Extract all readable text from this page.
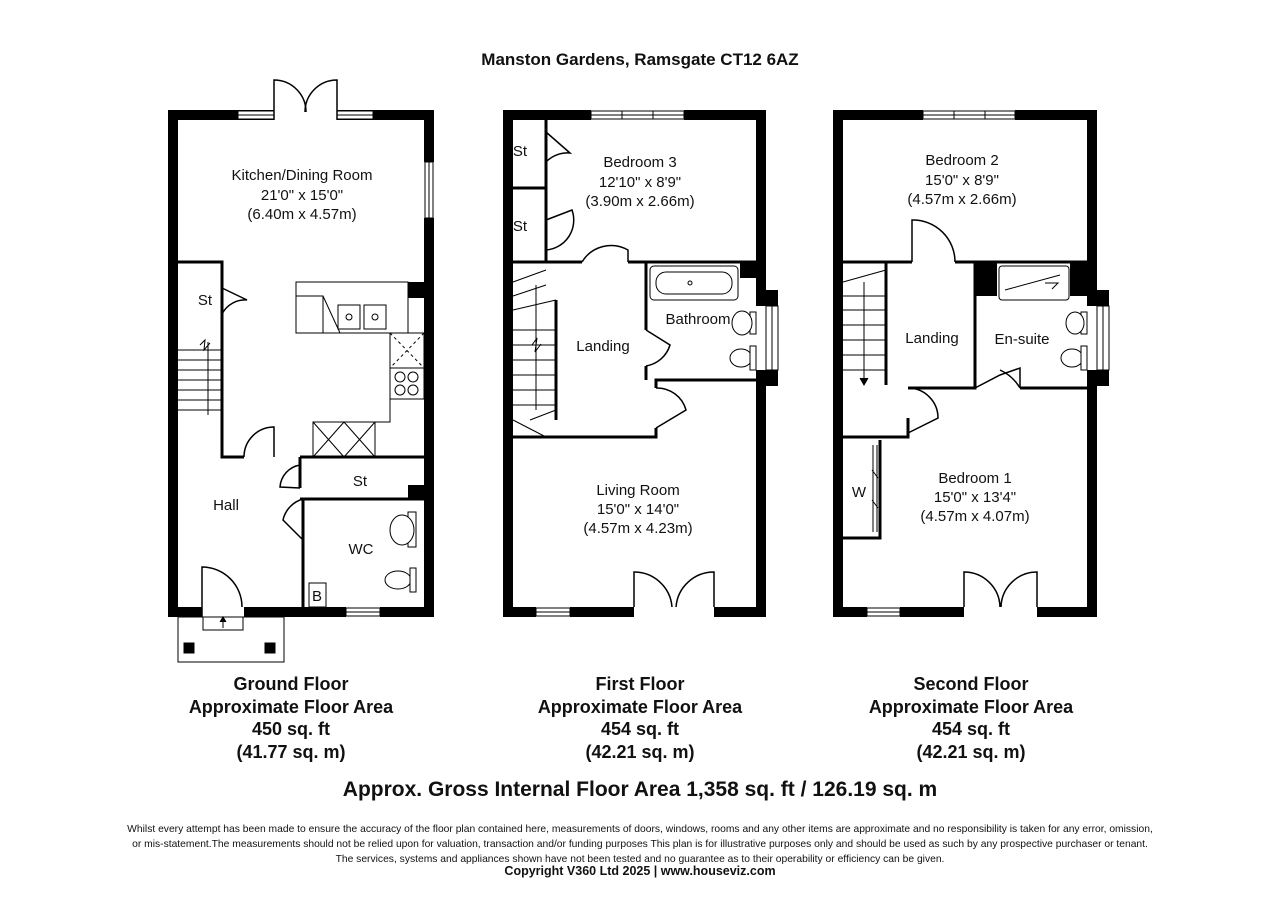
Manston Gardens, Ramsgate CT12 6AZ
Kitchen/Dining Room
21'0" x 15'0"
(6.40m x 4.57m)
St
Hall
St
WC
B
St
St
Bedroom 3
12'10" x 8'9"
(3.90m x 2.66m)
Landing
Bathroom
Living Room
15'0" x 14'0"
(4.57m x 4.23m)
Bedroom 2
15'0" x 8'9"
(4.57m x 2.66m)
Landing En-suite
W
Bedroom 1
15'0" x 13'4"
(4.57m x 4.07m)
Ground Floor
Approximate Floor Area
450 sq. ft
(41.77 sq. m)
First Floor
Approximate Floor Area
454 sq. ft
(42.21 sq. m)
Second Floor
Approximate Floor Area
454 sq. ft
(42.21 sq. m)
Approx. Gross Internal Floor Area 1,358 sq. ft / 126.19 sq. m
Whilst every attempt has been made to ensure the accuracy of the floor plan contained here, measurements of doors, windows, rooms and any other items are approximate and no responsibility is taken for any error, omission,
or mis-statement.The measurements should not be relied upon for valuation, transaction and/or funding purposes This plan is for illustrative purposes only and should be used as such by any prospective purchaser or tenant.
The services, systems and appliances shown have not been tested and no guarantee as to their operability or efficiency can be given.
Copyright V360 Ltd 2025 | www.houseviz.com
